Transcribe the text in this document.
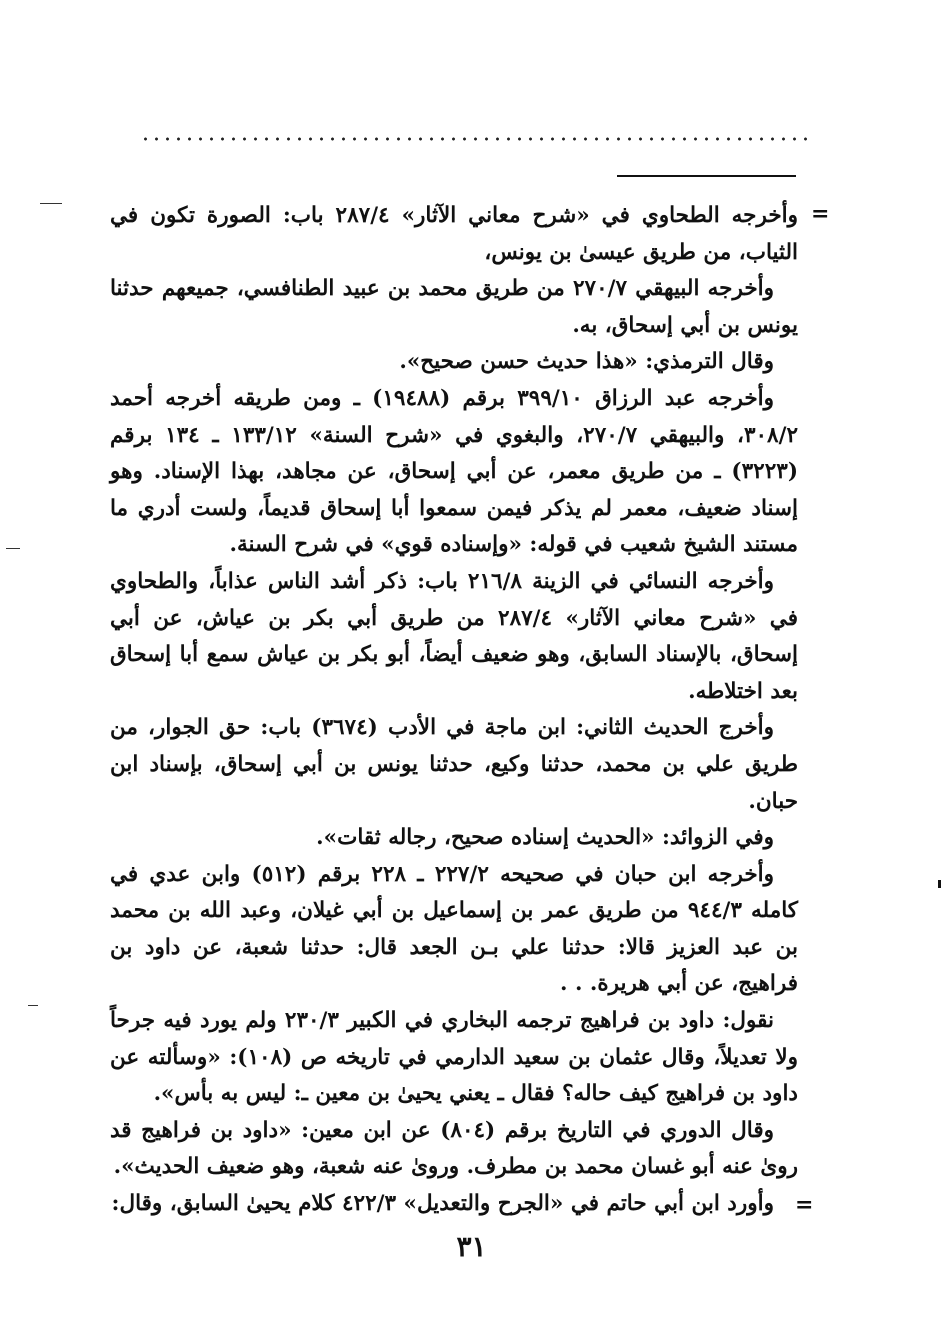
=
=

وأخرجه الطحاوي في «شرح معاني الآثار» ٢٨٧/٤ باب: الصورة تكون في الثياب، من طريق عيسىٰ بن يونس،

وأخرجه البيهقي ٢٧٠/٧ من طريق محمد بن عبيد الطنافسي، جميعهم حدثنا يونس بن أبي إسحاق، به.

وقال الترمذي: «هذا حديث حسن صحيح».

وأخرجه عبد الرزاق ٣٩٩/١٠ برقم (١٩٤٨٨) ـ ومن طريقه أخرجه أحمد ٣٠٨/٢، والبيهقي ٢٧٠/٧، والبغوي في «شرح السنة» ١٣٣/١٢ ـ ١٣٤ برقم (٣٢٢٣) ـ من طريق معمر، عن أبي إسحاق، عن مجاهد، بهذا الإسناد. وهو إسناد ضعيف، معمر لم يذكر فيمن سمعوا أبا إسحاق قديماً، ولست أدري ما مستند الشيخ شعيب في قوله: «وإسناده قوي» في شرح السنة.

وأخرجه النسائي في الزينة ٢١٦/٨ باب: ذكر أشد الناس عذاباً، والطحاوي في «شرح معاني الآثار» ٢٨٧/٤ من طريق أبي بكر بن عياش، عن أبي إسحاق، بالإسناد السابق، وهو ضعيف أيضاً، أبو بكر بن عياش سمع أبا إسحاق بعد اختلاطه.

وأخرج الحديث الثاني: ابن ماجة في الأدب (٣٦٧٤) باب: حق الجوار، من طريق علي بن محمد، حدثنا وكيع، حدثنا يونس بن أبي إسحاق، بإسناد ابن حبان.

وفي الزوائد: «الحديث إسناده صحيح، رجاله ثقات».

وأخرجه ابن حبان في صحيحه ٢٢٧/٢ ـ ٢٢٨ برقم (٥١٢) وابن عدي في كامله ٩٤٤/٣ من طريق عمر بن إسماعيل بن أبي غيلان، وعبد الله بن محمد بن عبد العزيز قالا: حدثنا علي بـن الجعد قال: حدثنا شعبة، عن داود بن فراهيج، عن أبي هريرة. . .

نقول: داود بن فراهيج ترجمه البخاري في الكبير ٢٣٠/٣ ولم يورد فيه جرحاً ولا تعديلاً، وقال عثمان بن سعيد الدارمي في تاريخه ص (١٠٨): «وسألته عن داود بن فراهيج كيف حاله؟ فقال ـ يعني يحيىٰ بن معين ـ: ليس به بأس».

وقال الدوري في التاريخ برقم (٨٠٤) عن ابن معين: «داود بن فراهيج قد روىٰ عنه أبو غسان محمد بن مطرف. وروىٰ عنه شعبة، وهو ضعيف الحديث».

وأورد ابن أبي حاتم في «الجرح والتعديل» ٤٢٢/٣ كلام يحيىٰ السابق، وقال:

٣١
